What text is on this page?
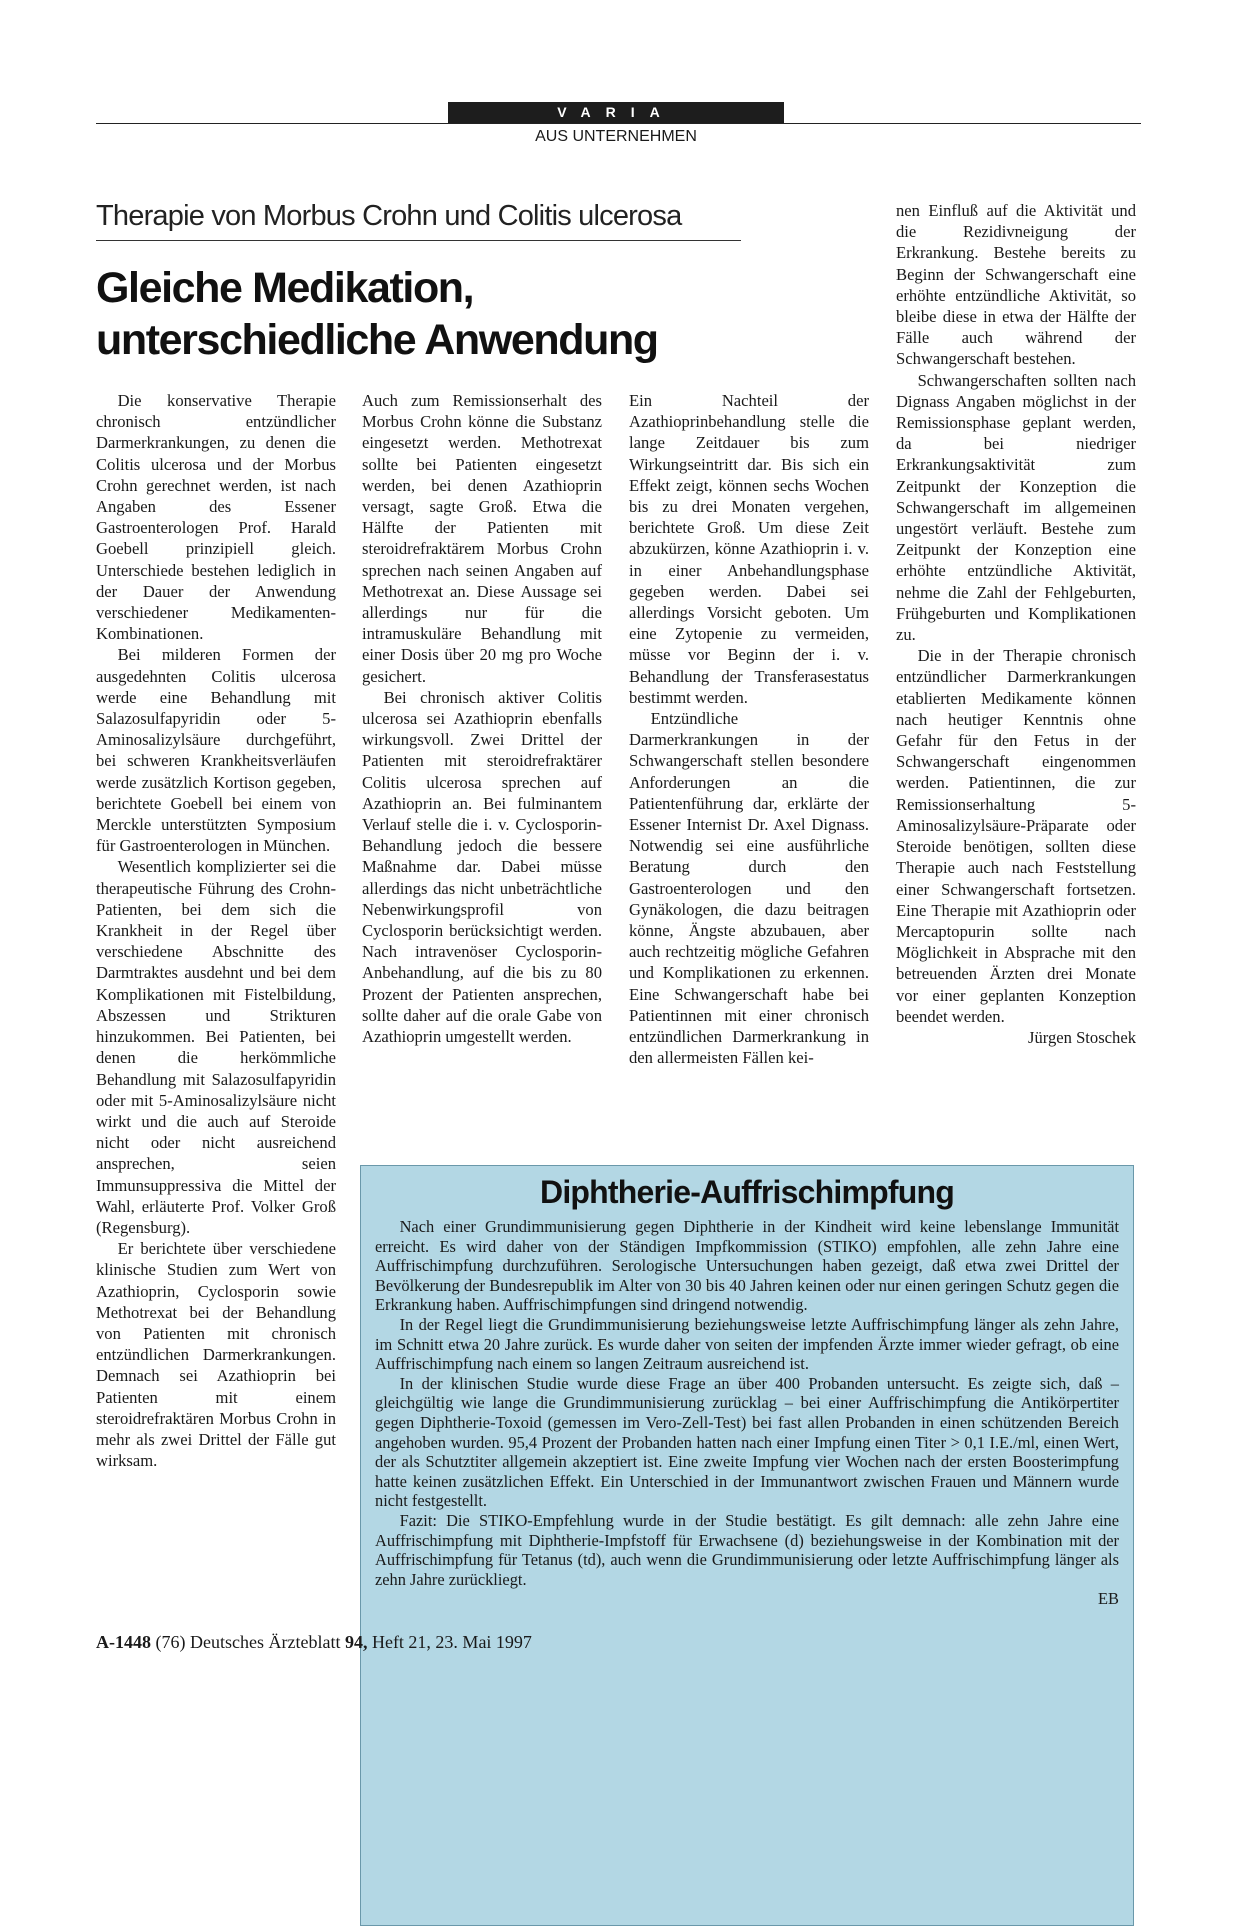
VARIA
AUS UNTERNEHMEN
Therapie von Morbus Crohn und Colitis ulcerosa
Gleiche Medikation,
unterschiedliche Anwendung

Die konservative Therapie chronisch entzündlicher Darmerkrankungen, zu denen die Colitis ulcerosa und der Morbus Crohn gerechnet werden, ist nach Angaben des Essener Gastroenterologen Prof. Harald Goebell prinzipiell gleich. Unterschiede bestehen lediglich in der Dauer der Anwendung verschiedener Medikamenten-Kombinationen.

Bei milderen Formen der ausgedehnten Colitis ulcerosa werde eine Behandlung mit Salazosulfapyridin oder 5-Aminosalizylsäure durchgeführt, bei schweren Krankheitsverläufen werde zusätzlich Kortison gegeben, berichtete Goebell bei einem von Merckle unterstützten Symposium für Gastroenterologen in München.

Wesentlich komplizierter sei die therapeutische Führung des Crohn-Patienten, bei dem sich die Krankheit in der Regel über verschiedene Abschnitte des Darmtraktes ausdehnt und bei dem Komplikationen mit Fistelbildung, Abszessen und Strikturen hinzukommen. Bei Patienten, bei denen die herkömmliche Behandlung mit Salazosulfapyridin oder mit 5-Aminosalizylsäure nicht wirkt und die auch auf Steroide nicht oder nicht ausreichend ansprechen, seien Immunsuppressiva die Mittel der Wahl, erläuterte Prof. Volker Groß (Regensburg).

Er berichtete über verschiedene klinische Studien zum Wert von Azathioprin, Cyclosporin sowie Methotrexat bei der Behandlung von Patienten mit chronisch entzündlichen Darmerkrankungen. Demnach sei Azathioprin bei Patienten mit einem steroidrefraktären Morbus Crohn in mehr als zwei Drittel der Fälle gut wirksam.

Auch zum Remissionserhalt des Morbus Crohn könne die Substanz eingesetzt werden. Methotrexat sollte bei Patienten eingesetzt werden, bei denen Azathioprin versagt, sagte Groß. Etwa die Hälfte der Patienten mit steroidrefraktärem Morbus Crohn sprechen nach seinen Angaben auf Methotrexat an. Diese Aussage sei allerdings nur für die intramuskuläre Behandlung mit einer Dosis über 20 mg pro Woche gesichert.

Bei chronisch aktiver Colitis ulcerosa sei Azathioprin ebenfalls wirkungsvoll. Zwei Drittel der Patienten mit steroidrefraktärer Colitis ulcerosa sprechen auf Azathioprin an. Bei fulminantem Verlauf stelle die i. v. Cyclosporin-Behandlung jedoch die bessere Maßnahme dar. Dabei müsse allerdings das nicht unbeträchtliche Nebenwirkungsprofil von Cyclosporin berücksichtigt werden. Nach intravenöser Cyclosporin-Anbehandlung, auf die bis zu 80 Prozent der Patienten ansprechen, sollte daher auf die orale Gabe von Azathioprin umgestellt werden.

Ein Nachteil der Azathioprinbehandlung stelle die lange Zeitdauer bis zum Wirkungseintritt dar. Bis sich ein Effekt zeigt, können sechs Wochen bis zu drei Monaten vergehen, berichtete Groß. Um diese Zeit abzukürzen, könne Azathioprin i. v. in einer Anbehandlungsphase gegeben werden. Dabei sei allerdings Vorsicht geboten. Um eine Zytopenie zu vermeiden, müsse vor Beginn der i. v. Behandlung der Transferasestatus bestimmt werden.

Entzündliche Darmerkrankungen in der Schwangerschaft stellen besondere Anforderungen an die Patientenführung dar, erklärte der Essener Internist Dr. Axel Dignass. Notwendig sei eine ausführliche Beratung durch den Gastroenterologen und den Gynäkologen, die dazu beitragen könne, Ängste abzubauen, aber auch rechtzeitig mögliche Gefahren und Komplikationen zu erkennen. Eine Schwangerschaft habe bei Patientinnen mit einer chronisch entzündlichen Darmerkrankung in den allermeisten Fällen kei-

nen Einfluß auf die Aktivität und die Rezidivneigung der Erkrankung. Bestehe bereits zu Beginn der Schwangerschaft eine erhöhte entzündliche Aktivität, so bleibe diese in etwa der Hälfte der Fälle auch während der Schwangerschaft bestehen.

Schwangerschaften sollten nach Dignass Angaben möglichst in der Remissionsphase geplant werden, da bei niedriger Erkrankungsaktivität zum Zeitpunkt der Konzeption die Schwangerschaft im allgemeinen ungestört verläuft. Bestehe zum Zeitpunkt der Konzeption eine erhöhte entzündliche Aktivität, nehme die Zahl der Fehlgeburten, Frühgeburten und Komplikationen zu.

Die in der Therapie chronisch entzündlicher Darmerkrankungen etablierten Medikamente können nach heutiger Kenntnis ohne Gefahr für den Fetus in der Schwangerschaft eingenommen werden. Patientinnen, die zur Remissionserhaltung 5-Aminosalizylsäure-Präparate oder Steroide benötigen, sollten diese Therapie auch nach Feststellung einer Schwangerschaft fortsetzen. Eine Therapie mit Azathioprin oder Mercaptopurin sollte nach Möglichkeit in Absprache mit den betreuenden Ärzten drei Monate vor einer geplanten Konzeption beendet werden.

Jürgen Stoschek
Diphtherie-Auffrischimpfung

Nach einer Grundimmunisierung gegen Diphtherie in der Kindheit wird keine lebenslange Immunität erreicht. Es wird daher von der Ständigen Impfkommission (STIKO) empfohlen, alle zehn Jahre eine Auffrischimpfung durchzuführen. Serologische Untersuchungen haben gezeigt, daß etwa zwei Drittel der Bevölkerung der Bundesrepublik im Alter von 30 bis 40 Jahren keinen oder nur einen geringen Schutz gegen die Erkrankung haben. Auffrischimpfungen sind dringend notwendig.

In der Regel liegt die Grundimmunisierung beziehungsweise letzte Auffrischimpfung länger als zehn Jahre, im Schnitt etwa 20 Jahre zurück. Es wurde daher von seiten der impfenden Ärzte immer wieder gefragt, ob eine Auffrischimpfung nach einem so langen Zeitraum ausreichend ist.

In der klinischen Studie wurde diese Frage an über 400 Probanden untersucht. Es zeigte sich, daß – gleichgültig wie lange die Grundimmunisierung zurücklag – bei einer Auffrischimpfung die Antikörpertiter gegen Diphtherie-Toxoid (gemessen im Vero-Zell-Test) bei fast allen Probanden in einen schützenden Bereich angehoben wurden. 95,4 Prozent der Probanden hatten nach einer Impfung einen Titer > 0,1 I.E./ml, einen Wert, der als Schutztiter allgemein akzeptiert ist. Eine zweite Impfung vier Wochen nach der ersten Boosterimpfung hatte keinen zusätzlichen Effekt. Ein Unterschied in der Immunantwort zwischen Frauen und Männern wurde nicht festgestellt.

Fazit: Die STIKO-Empfehlung wurde in der Studie bestätigt. Es gilt demnach: alle zehn Jahre eine Auffrischimpfung mit Diphtherie-Impfstoff für Erwachsene (d) beziehungsweise in der Kombination mit der Auffrischimpfung für Tetanus (td), auch wenn die Grundimmunisierung oder letzte Auffrischimpfung länger als zehn Jahre zurückliegt.

EB
A-1448 (76) Deutsches Ärzteblatt 94, Heft 21, 23. Mai 1997
